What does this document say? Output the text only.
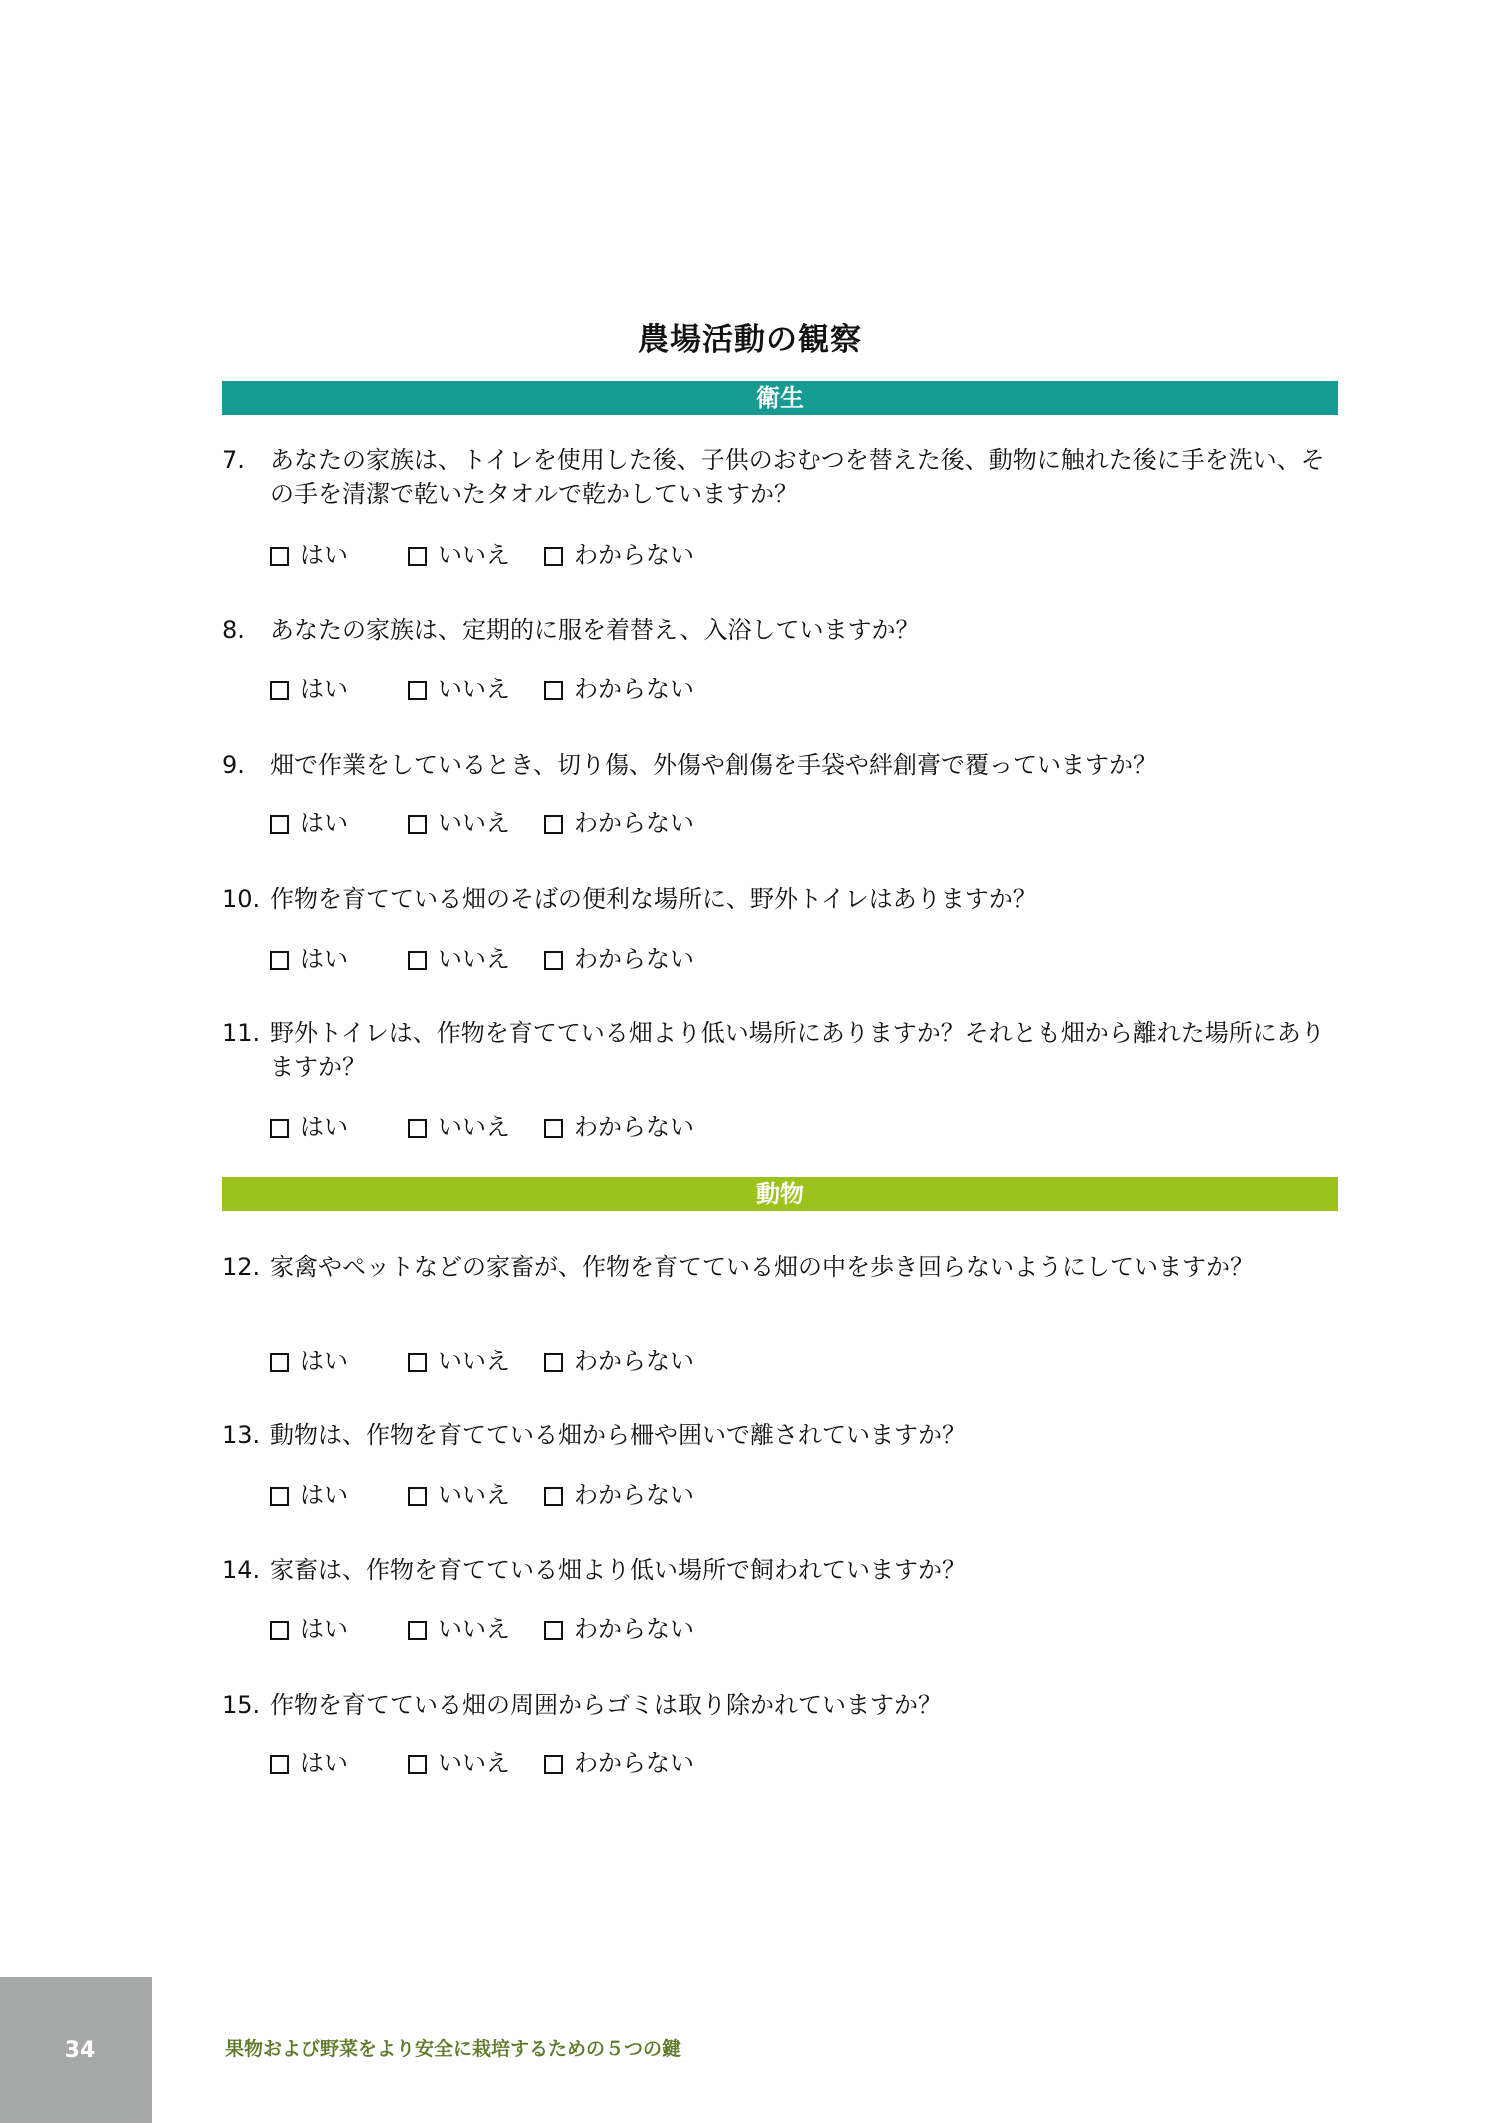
農場活動の観察
衛生
7. あなたの家族は、トイレを使用した後、子供のおむつを替えた後、動物に触れた後に手を洗い、その手を清潔で乾いたタオルで乾かしていますか？
はい	いいえ	わからない
8. あなたの家族は、定期的に服を着替え、入浴していますか？
はい	いいえ	わからない
9. 畑で作業をしているとき、切り傷、外傷や創傷を手袋や絆創膏で覆っていますか？
はい	いいえ	わからない
10. 作物を育てている畑のそばの便利な場所に、野外トイレはありますか？
はい	いいえ	わからない
11. 野外トイレは、作物を育てている畑より低い場所にありますか？それとも畑から離れた場所にありますか？
はい	いいえ	わからない
動物
12. 家禽やペットなどの家畜が、作物を育てている畑の中を歩き回らないようにしていますか？
はい	いいえ	わからない
13. 動物は、作物を育てている畑から柵や囲いで離されていますか？
はい	いいえ	わからない
14. 家畜は、作物を育てている畑より低い場所で飼われていますか？
はい	いいえ	わからない
15. 作物を育てている畑の周囲からゴミは取り除かれていますか？
はい	いいえ	わからない
34	果物および野菜をより安全に栽培するための５つの鍵
